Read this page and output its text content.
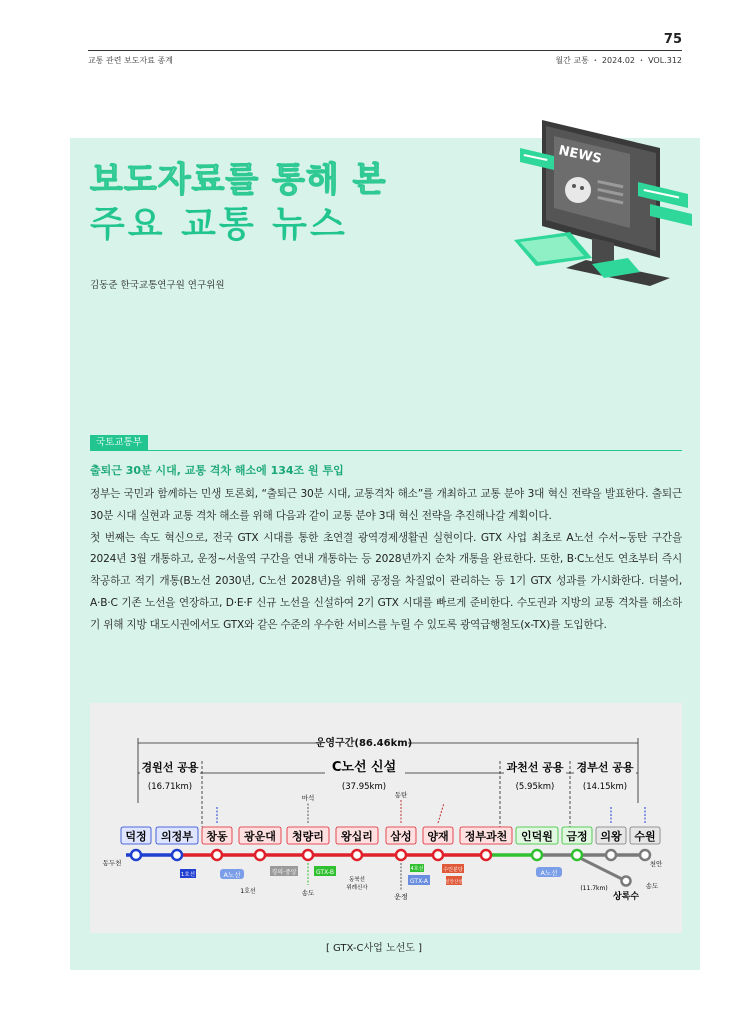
75
교통 관련 보도자료 종계	월간 교통 ・ 2024.02 ・ VOL.312
보도자료를 통해 본
주요 교통 뉴스
김동준 한국교통연구원 연구위원
NEWS
국토교통부
출퇴근 30분 시대, 교통 격차 해소에 134조 원 투입

정부는 국민과 함께하는 민생 토론회, “출퇴근 30분 시대, 교통격차 해소”를 개최하고 교통 분야 3대 혁신 전략을 발표한다. 출퇴근 30분 시대 실현과 교통 격차 해소를 위해 다음과 같이 교통 분야 3대 혁신 전략을 추진해나갈 계획이다.

첫 번째는 속도 혁신으로, 전국 GTX 시대를 통한 초연결 광역경제생활권 실현이다. GTX 사업 최초로 A노선 수서~동탄 구간을 2024년 3월 개통하고, 운정~서울역 구간을 연내 개통하는 등 2028년까지 순차 개통을 완료한다. 또한, B·C노선도 연초부터 즉시 착공하고 적기 개통(B노선 2030년, C노선 2028년)을 위해 공정을 차질없이 관리하는 등 1기 GTX 성과를 가시화한다. 더불어, A·B·C 기존 노선을 연장하고, D·E·F 신규 노선을 신설하여 2기 GTX 시대를 빠르게 준비한다. 수도권과 지방의 교통 격차를 해소하기 위해 지방 대도시권에서도 GTX와 같은 수준의 우수한 서비스를 누릴 수 있도록 광역급행철도(x-TX)를 도입한다.

운영구간(86.46km)
경원선 공용
(16.71km)
C노선 신설
(37.95km)
과천선 공용
(5.95km)
경부선 공용
(14.15km)
덕정 의정부 창동 광운대 청량리 왕십리 삼성 양재 정부과천 인덕원 금정 의왕 수원
동두천	천안
마석	동탄
송도	운정
송도
상록수
(11.7km)
1호선	A노선
1호선
경의·중앙	GTX-B
동북선
위례신사
4호선
GTX-A
수인분당
신안산선
A노선
[ GTX-C사업 노선도 ]
